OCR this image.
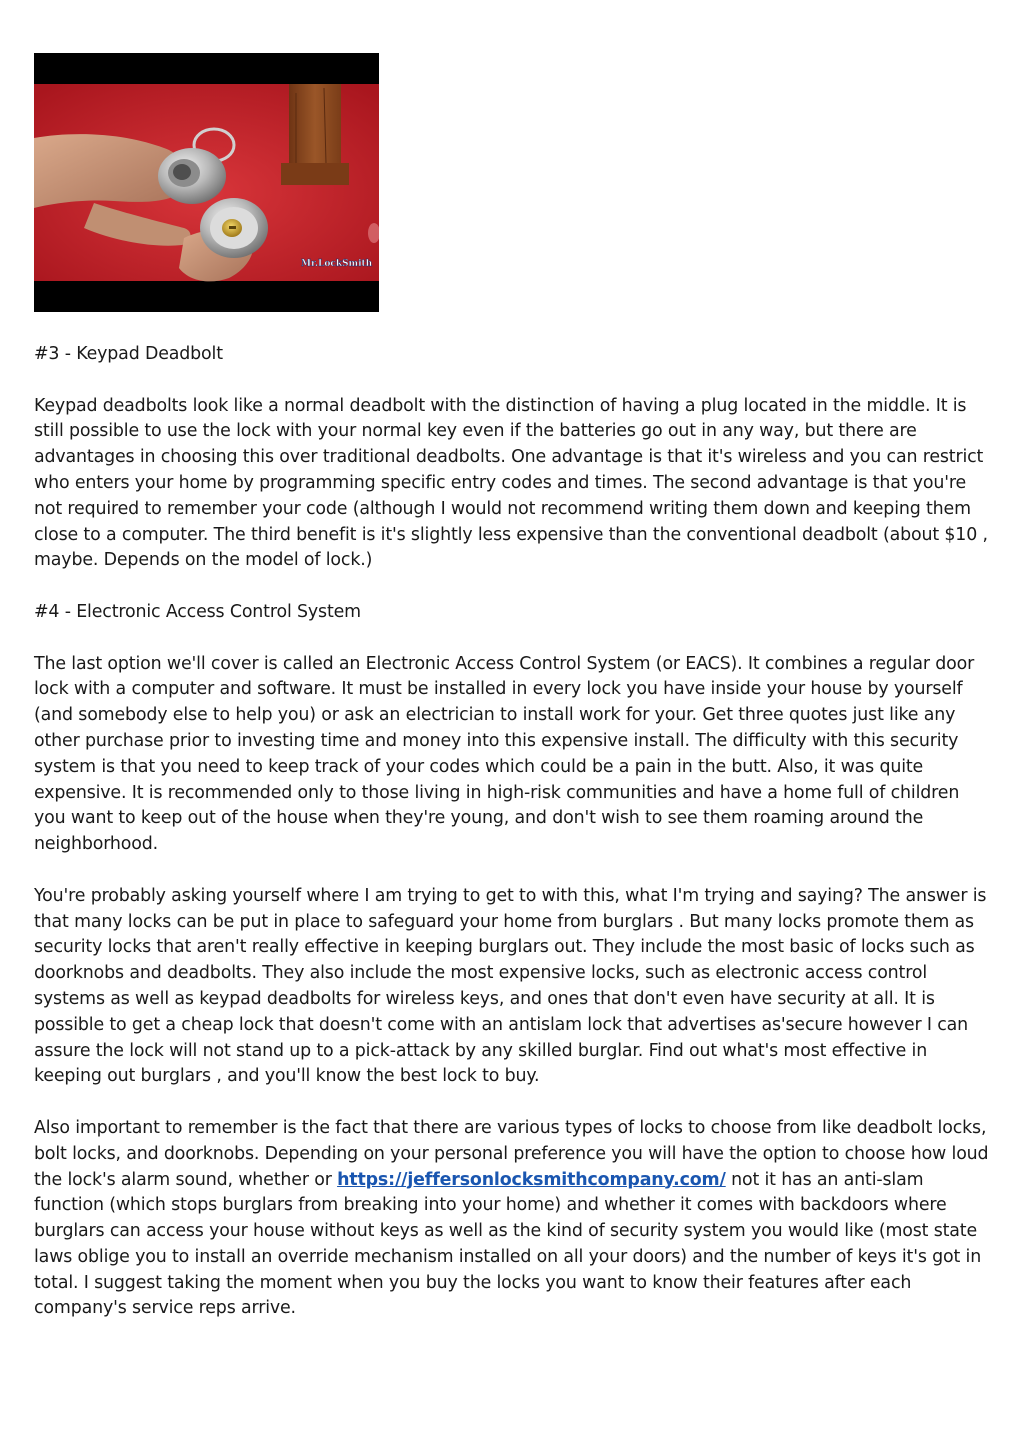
Mr.LockSmith

#3 - Keypad Deadbolt

Keypad deadbolts look like a normal deadbolt with the distinction of having a plug located in the middle. It is still possible to use the lock with your normal key even if the batteries go out in any way, but there are advantages in choosing this over traditional deadbolts. One advantage is that it's wireless and you can restrict who enters your home by programming specific entry codes and times. The second advantage is that you're not required to remember your code (although I would not recommend writing them down and keeping them close to a computer. The third benefit is it's slightly less expensive than the conventional deadbolt (about $10 , maybe. Depends on the model of lock.)

#4 - Electronic Access Control System

The last option we'll cover is called an Electronic Access Control System (or EACS). It combines a regular door lock with a computer and software. It must be installed in every lock you have inside your house by yourself (and somebody else to help you) or ask an electrician to install work for your. Get three quotes just like any other purchase prior to investing time and money into this expensive install. The difficulty with this security system is that you need to keep track of your codes which could be a pain in the butt. Also, it was quite expensive. It is recommended only to those living in high-risk communities and have a home full of children you want to keep out of the house when they're young, and don't wish to see them roaming around the neighborhood.

You're probably asking yourself where I am trying to get to with this, what I'm trying and saying? The answer is that many locks can be put in place to safeguard your home from burglars . But many locks promote them as security locks that aren't really effective in keeping burglars out. They include the most basic of locks such as doorknobs and deadbolts. They also include the most expensive locks, such as electronic access control systems as well as keypad deadbolts for wireless keys, and ones that don't even have security at all. It is possible to get a cheap lock that doesn't come with an antislam lock that advertises as'secure however I can assure the lock will not stand up to a pick-attack by any skilled burglar. Find out what's most effective in keeping out burglars , and you'll know the best lock to buy.

Also important to remember is the fact that there are various types of locks to choose from like deadbolt locks, bolt locks, and doorknobs. Depending on your personal preference you will have the option to choose how loud the lock's alarm sound, whether or https://jeffersonlocksmithcompany.com/ not it has an anti-slam function (which stops burglars from breaking into your home) and whether it comes with backdoors where burglars can access your house without keys as well as the kind of security system you would like (most state laws oblige you to install an override mechanism installed on all your doors) and the number of keys it's got in total. I suggest taking the moment when you buy the locks you want to know their features after each company's service reps arrive.
